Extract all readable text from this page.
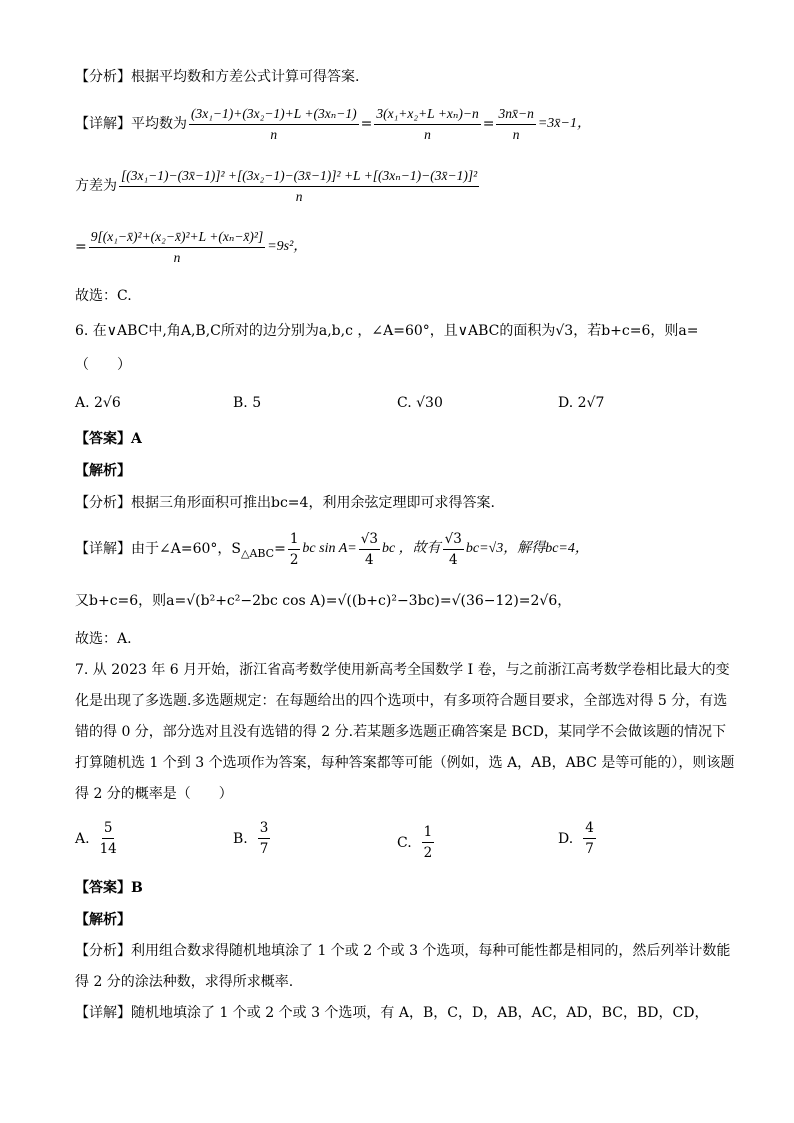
【分析】根据平均数和方差公式计算可得答案.
【详解】平均数为 $\frac{\text{(3x₁−1)+(3x₂−1)+L +(3xₙ−1)}}{n} = \frac{\text{3(x₁+x₂+L +xₙ)−n}}{n} = \frac{3nx̄-n}{n}$ =3x̄−1，
方差为
[(3x₁−1)−(3x̄−1)]² +[(3x₂−1)−(3x̄−1)]² +L +[(3xₙ−1)−(3x̄−1)]²
n
= $\frac{\text{9[(x₁−x̄)²+(x₂−x̄)²+L +(xₙ−x̄)²]}}{n} =9s^2$，
故选：C.
6. 在∨ABC中,角A,B,C所对的边分别为a,b,c ，∠A=60°，且∨ABC的面积为√3，若b+c=6，则a=
（　　）
A. 2√6	B. 5	C. √30	D. 2√7
【答案】A
【解析】
【分析】根据三角形面积可推出bc=4，利用余弦定理即可求得答案.
【详解】由于∠A=60°，S △ABC = $\frac{1}{2}$ bc $\sin A= \frac{√3}{4}$ bc ，故有 $\frac{√3}{4} bc=√3$，解得bc=4，
又b+c=6，则a=√(b²+c²−2bc cos A)=√((b+c)²−3bc)=√(36−12)=2√6，
故选：A.
7. 从 2023 年 6 月开始，浙江省高考数学使用新高考全国数学 I 卷，与之前浙江高考数学卷相比最大的变
化是出现了多选题.多选题规定：在每题给出的四个选项中，有多项符合题目要求，全部选对得 5 分，有选
错的得 0 分，部分选对且没有选错的得 2 分.若某题多选题正确答案是 BCD，某同学不会做该题的情况下
打算随机选 1 个到 3 个选项作为答案，每种答案都等可能（例如，选 A，AB，ABC 是等可能的），则该题
得 2 分的概率是（　　）
A. $\frac{5}{14}$	B. $\frac{3}{7}$	C. $\frac{1}{2}$	D. $\frac{4}{7}$
【答案】B
【解析】
【分析】利用组合数求得随机地填涂了 1 个或 2 个或 3 个选项，每种可能性都是相同的，然后列举计数能
得 2 分的涂法种数，求得所求概率.
【详解】随机地填涂了 1 个或 2 个或 3 个选项，有 A，B，C，D，AB，AC，AD，BC，BD，CD，
